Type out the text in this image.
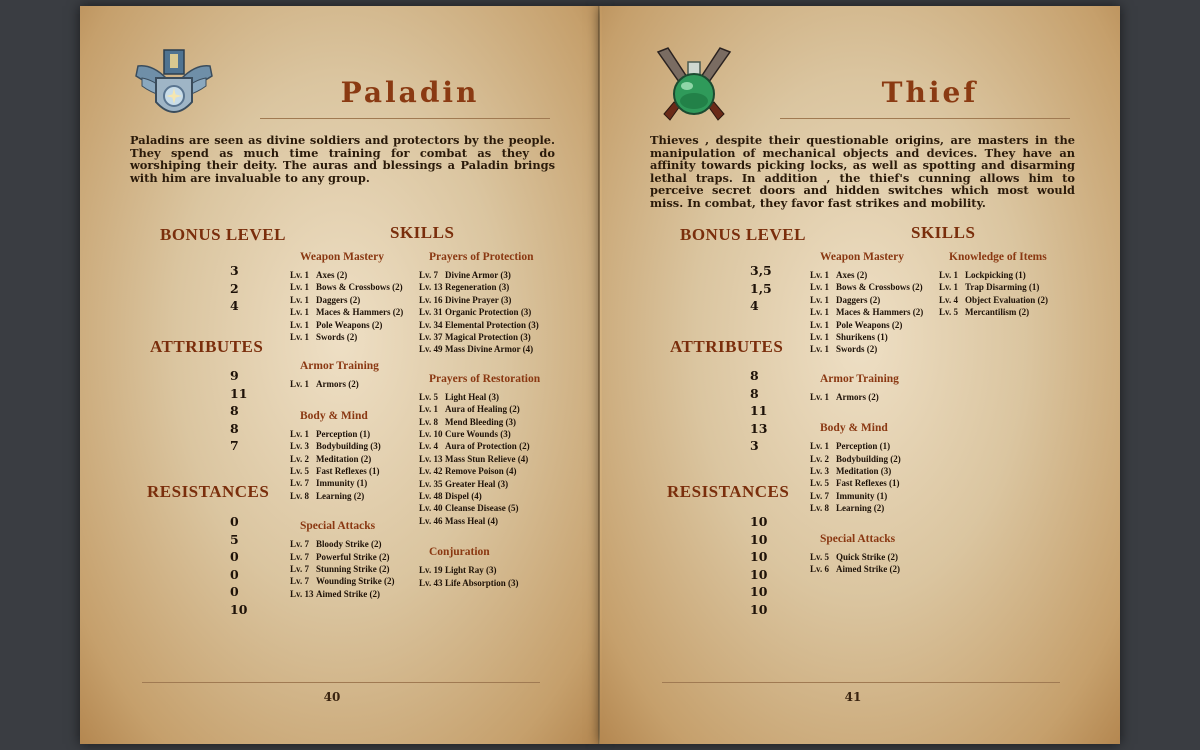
Paladin
Paladins are seen as divine soldiers and protectors by the people. They spend as much time training for combat as they do worshiping their deity. The auras and blessings a Paladin brings with him are invaluable to any group.
BONUS LEVEL
3
2
4
ATTRIBUTES
9
11
8
8
7
RESISTANCES
0
5
0
0
0
10
SKILLS
Weapon Mastery
Lv. 1 Axes (2)
Lv. 1 Bows & Crossbows (2)
Lv. 1 Daggers (2)
Lv. 1 Maces & Hammers (2)
Lv. 1 Pole Weapons (2)
Lv. 1 Swords (2)
Armor Training
Lv. 1 Armors (2)
Body & Mind
Lv. 1 Perception (1)
Lv. 3 Bodybuilding (3)
Lv. 2 Meditation (2)
Lv. 5 Fast Reflexes (1)
Lv. 7 Immunity (1)
Lv. 8 Learning (2)
Special Attacks
Lv. 7 Bloody Strike (2)
Lv. 7 Powerful Strike (2)
Lv. 7 Stunning Strike (2)
Lv. 7 Wounding Strike (2)
Lv. 13 Aimed Strike (2)
Prayers of Protection
Lv. 7 Divine Armor (3)
Lv. 13 Regeneration (3)
Lv. 16 Divine Prayer (3)
Lv. 31 Organic Protection (3)
Lv. 34 Elemental Protection (3)
Lv. 37 Magical Protection (3)
Lv. 49 Mass Divine Armor (4)
Prayers of Restoration
Lv. 5 Light Heal (3)
Lv. 1 Aura of Healing (2)
Lv. 8 Mend Bleeding (3)
Lv. 10 Cure Wounds (3)
Lv. 4 Aura of Protection (2)
Lv. 13 Mass Stun Relieve (4)
Lv. 42 Remove Poison (4)
Lv. 35 Greater Heal (3)
Lv. 48 Dispel (4)
Lv. 40 Cleanse Disease (5)
Lv. 46 Mass Heal (4)
Conjuration
Lv. 19 Light Ray (3)
Lv. 43 Life Absorption (3)
40
Thief
Thieves , despite their questionable origins, are masters in the manipulation of mechanical objects and devices. They have an affinity towards picking locks, as well as spotting and disarming lethal traps. In addition , the thief's cunning allows him to perceive secret doors and hidden switches which most would miss. In combat, they favor fast strikes and mobility.
BONUS LEVEL
3,5
1,5
4
ATTRIBUTES
8
8
11
13
3
RESISTANCES
10
10
10
10
10
10
SKILLS
Weapon Mastery
Lv. 1 Axes (2)
Lv. 1 Bows & Crossbows (2)
Lv. 1 Daggers (2)
Lv. 1 Maces & Hammers (2)
Lv. 1 Pole Weapons (2)
Lv. 1 Shurikens (1)
Lv. 1 Swords (2)
Armor Training
Lv. 1 Armors (2)
Body & Mind
Lv. 1 Perception (1)
Lv. 2 Bodybuilding (2)
Lv. 3 Meditation (3)
Lv. 5 Fast Reflexes (1)
Lv. 7 Immunity (1)
Lv. 8 Learning (2)
Special Attacks
Lv. 5 Quick Strike (2)
Lv. 6 Aimed Strike (2)
Knowledge of Items
Lv. 1 Lockpicking (1)
Lv. 1 Trap Disarming (1)
Lv. 4 Object Evaluation (2)
Lv. 5 Mercantilism (2)
41
